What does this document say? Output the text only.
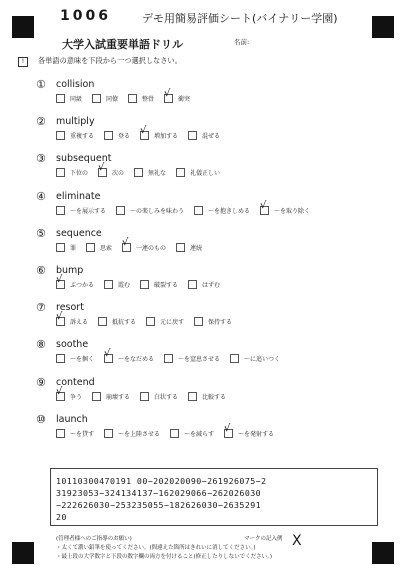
1006	デモ用簡易評価シート(バイナリー学園)
大学入試重要単語ドリル	名前:
!	各単語の意味を下段から一つ選択しなさい。
① collision
同級	同僚	整骨
√
衝突
② multiply
重複する	登る
√
増加する	混ぜる
③ subsequent
下位の
√
次の	無礼な	礼儀正しい
④ eliminate
～を展示する	～の楽しみを味わう	～を抱きしめる
√
～を取り除く
⑤ sequence
罪	思索
√
一連のもの	連続
⑥ bump
√
ぶつかる	霞む	破裂する	はずむ
⑦ resort
√
訴える	抵抗する	元に戻す	保持する
⑧ soothe
～を掴く
√
～をなだめる	～を窒息させる	～に追いつく
⑨ contend
√
争う	崩壊する	白状する	比較する
⑩ launch
～を貸す	～を上陸させる	～を減らす
√
～を発射する
10110300470191 00−202020090−261926075−2
31923053−324134137−162029066−262026030
−222626030−253235055−182626030−2635291
20
(管理者様へのご指導のお願い)
・太くて濃い鉛筆を使ってください。(間違えた箇所はきれいに消してください。)
・最上段の大学数字と下段の数字欄の両方を付けること(修正したりしないでください。)
マークの記入例 X
